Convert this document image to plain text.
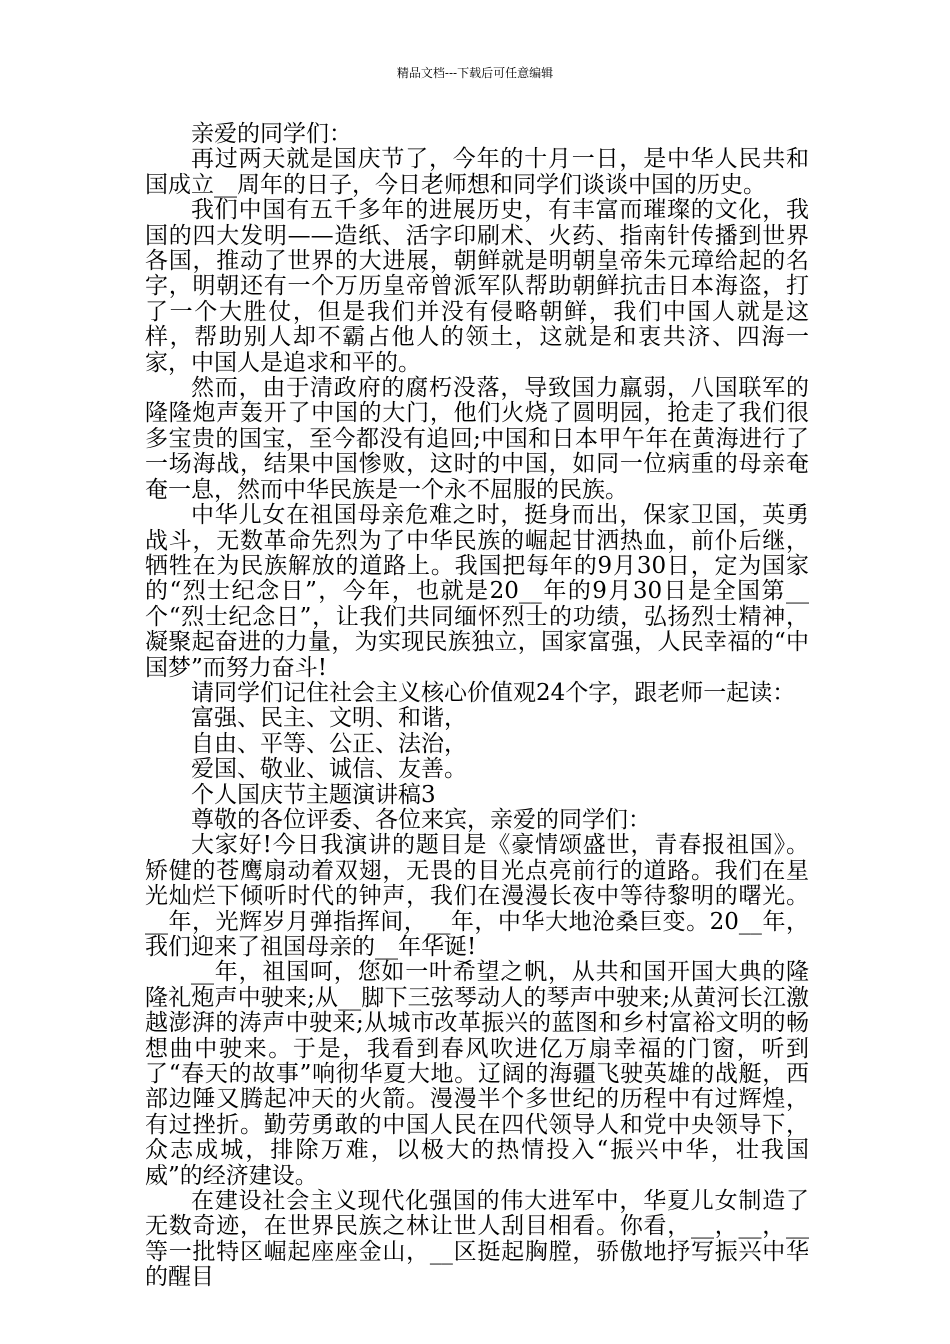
精品文档---下载后可任意编辑

亲爱的同学们：

再过两天就是国庆节了，今年的十月一日，是中华人民共和国成立__周年的日子，今日老师想和同学们谈谈中国的历史。

我们中国有五千多年的进展历史，有丰富而璀璨的文化，我国的四大发明——造纸、活字印刷术、火药、指南针传播到世界各国，推动了世界的大进展，朝鲜就是明朝皇帝朱元璋给起的名字，明朝还有一个万历皇帝曾派军队帮助朝鲜抗击日本海盗，打了一个大胜仗，但是我们并没有侵略朝鲜，我们中国人就是这样，帮助别人却不霸占他人的领土，这就是和衷共济、四海一家，中国人是追求和平的。

然而，由于清政府的腐朽没落，导致国力羸弱，八国联军的隆隆炮声轰开了中国的大门，他们火烧了圆明园，抢走了我们很多宝贵的国宝，至今都没有追回;中国和日本甲午年在黄海进行了一场海战，结果中国惨败，这时的中国，如同一位病重的母亲奄奄一息，然而中华民族是一个永不屈服的民族。

中华儿女在祖国母亲危难之时，挺身而出，保家卫国，英勇战斗，无数革命先烈为了中华民族的崛起甘洒热血，前仆后继，牺牲在为民族解放的道路上。我国把每年的9月30日，定为国家的“烈士纪念日”，今年，也就是20__年的9月30日是全国第__个“烈士纪念日”，让我们共同缅怀烈士的功绩，弘扬烈士精神，凝聚起奋进的力量，为实现民族独立，国家富强，人民幸福的“中国梦”而努力奋斗!

请同学们记住社会主义核心价值观24个字，跟老师一起读：

富强、民主、文明、和谐，

自由、平等、公正、法治，

爱国、敬业、诚信、友善。

个人国庆节主题演讲稿3

尊敬的各位评委、各位来宾，亲爱的同学们：

大家好!今日我演讲的题目是《豪情颂盛世，青春报祖国》。矫健的苍鹰扇动着双翅，无畏的目光点亮前行的道路。我们在星光灿烂下倾听时代的钟声，我们在漫漫长夜中等待黎明的曙光。__年，光辉岁月弹指挥间，__年，中华大地沧桑巨变。20__年，我们迎来了祖国母亲的__年华诞!

__年，祖国呵，您如一叶希望之帆，从共和国开国大典的隆隆礼炮声中驶来;从__脚下三弦琴动人的琴声中驶来;从黄河长江激越澎湃的涛声中驶来;从城市改革振兴的蓝图和乡村富裕文明的畅想曲中驶来。于是，我看到春风吹进亿万扇幸福的门窗，听到了“春天的故事”响彻华夏大地。辽阔的海疆飞驶英雄的战艇，西部边陲又腾起冲天的火箭。漫漫半个多世纪的历程中有过辉煌，有过挫折。勤劳勇敢的中国人民在四代领导人和党中央领导下，众志成城，排除万难，以极大的热情投入“振兴中华，壮我国威”的经济建设。

在建设社会主义现代化强国的伟大进军中，华夏儿女制造了无数奇迹，在世界民族之林让世人刮目相看。你看，__，__，__等一批特区崛起座座金山，__区挺起胸膛，骄傲地抒写振兴中华的醒目
